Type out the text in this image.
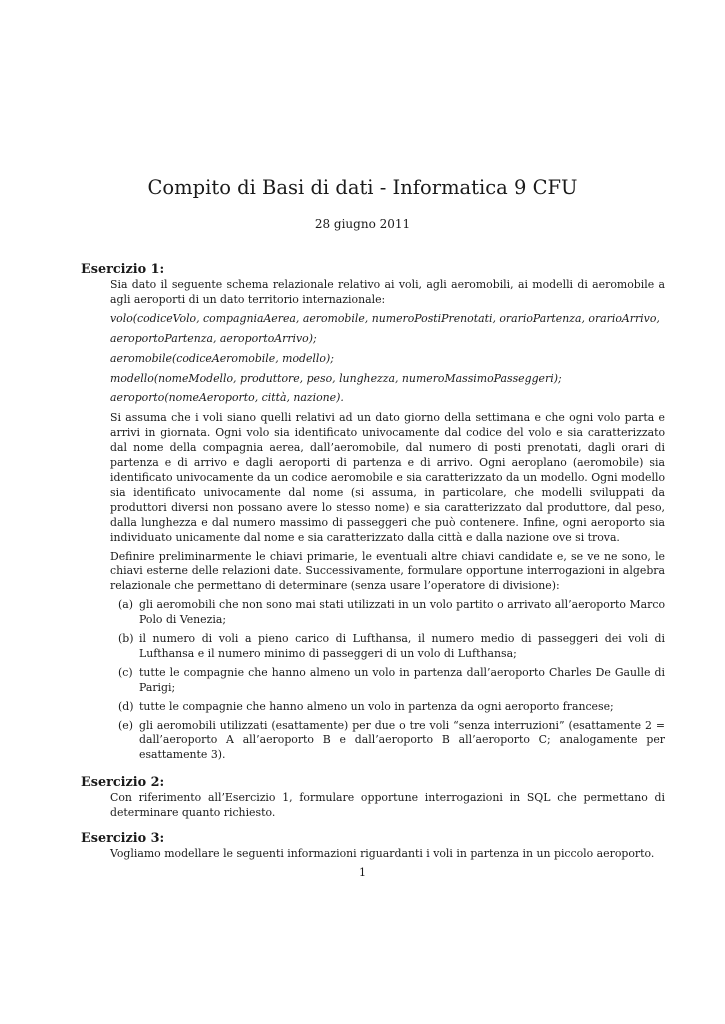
Compito di Basi di dati - Informatica 9 CFU
28 giugno 2011

Esercizio 1:

Sia dato il seguente schema relazionale relativo ai voli, agli aeromobili, ai modelli di aeromobile a agli aeroporti di un dato territorio internazionale:

volo(codiceVolo, compagniaAerea, aeromobile, numeroPostiPrenotati, orarioPartenza, orarioArrivo,

aeroportoPartenza, aeroportoArrivo);

aeromobile(codiceAeromobile, modello);

modello(nomeModello, produttore, peso, lunghezza, numeroMassimoPasseggeri);

aeroporto(nomeAeroporto, città, nazione).

Si assuma che i voli siano quelli relativi ad un dato giorno della settimana e che ogni volo parta e arrivi in giornata. Ogni volo sia identificato univocamente dal codice del volo e sia caratterizzato dal nome della compagnia aerea, dall’aeromobile, dal numero di posti prenotati, dagli orari di partenza e di arrivo e dagli aeroporti di partenza e di arrivo. Ogni aeroplano (aeromobile) sia identificato univocamente da un codice aeromobile e sia caratterizzato da un modello. Ogni modello sia identificato univocamente dal nome (si assuma, in particolare, che modelli sviluppati da produttori diversi non possano avere lo stesso nome) e sia caratterizzato dal produttore, dal peso, dalla lunghezza e dal numero massimo di passeggeri che può contenere. Infine, ogni aeroporto sia individuato unicamente dal nome e sia caratterizzato dalla città e dalla nazione ove si trova.

Definire preliminarmente le chiavi primarie, le eventuali altre chiavi candidate e, se ve ne sono, le chiavi esterne delle relazioni date. Successivamente, formulare opportune interrogazioni in algebra relazionale che permettano di determinare (senza usare l’operatore di divisione):

(a) gli aeromobili che non sono mai stati utilizzati in un volo partito o arrivato all’aeroporto Marco Polo di Venezia;
(b) il numero di voli a pieno carico di Lufthansa, il numero medio di passeggeri dei voli di Lufthansa e il numero minimo di passeggeri di un volo di Lufthansa;
(c) tutte le compagnie che hanno almeno un volo in partenza dall’aeroporto Charles De Gaulle di Parigi;
(d) tutte le compagnie che hanno almeno un volo in partenza da ogni aeroporto francese;
(e) gli aeromobili utilizzati (esattamente) per due o tre voli “senza interruzioni” (esattamente 2 = dall’aeroporto A all’aeroporto B e dall’aeroporto B all’aeroporto C; analogamente per esattamente 3).

Esercizio 2:

Con riferimento all’Esercizio 1, formulare opportune interrogazioni in SQL che permettano di determinare quanto richiesto.

Esercizio 3:

Vogliamo modellare le seguenti informazioni riguardanti i voli in partenza in un piccolo aeroporto.

1
